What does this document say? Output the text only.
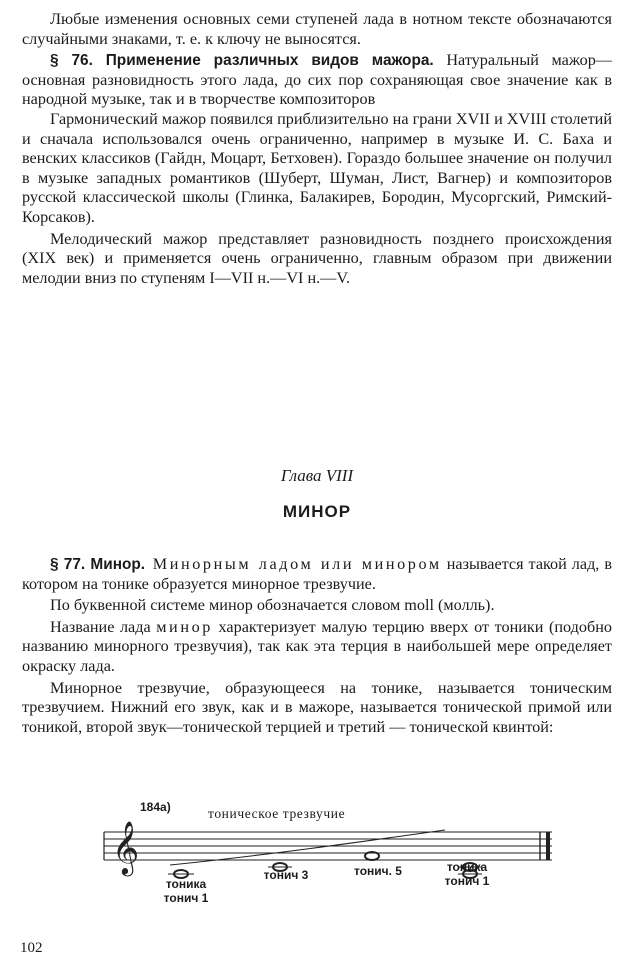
Любые изменения основных семи ступеней лада в нотном тексте обозначаются случайными знаками, т. е. к ключу не выносятся.

§ 76. Применение различных видов мажора. Натуральный мажор—основная разновидность этого лада, до сих пор сохраняющая свое значение как в народной музыке, так и в творчестве композиторов

Гармонический мажор появился приблизительно на грани XVII и XVIII столетий и сначала использовался очень ограниченно, например в музыке И. С. Баха и венских классиков (Гайдн, Моцарт, Бетховен). Гораздо большее значение он получил в музыке западных романтиков (Шуберт, Шуман, Лист, Вагнер) и композиторов русской классической школы (Глинка, Балакирев, Бородин, Мусоргский, Римский-Корсаков).

Мелодический мажор представляет разновидность позднего происхождения (XIX век) и применяется очень ограниченно, главным образом при движении мелодии вниз по ступеням I—VII н.—VI н.—V.

Глава VIII
МИНОР

§ 77. Минор. Минорным ладом или минором называется такой лад, в котором на тонике образуется минорное трезвучие.

По буквенной системе минор обозначается словом moll (молль).

Название лада минор характеризует малую терцию вверх от тоники (подобно названию минорного трезвучия), так как эта терция в наибольшей мере определяет окраску лада.

Минорное трезвучие, образующееся на тонике, называется тоническим трезвучием. Нижний его звук, как и в мажоре, называется тонической примой или тоникой, второй звук—тонической терцией и третий — тонической квинтой:

184а)	тоническое трезвучие
𝄞
тоника
тонич 1
тонич 3	тонич. 5	тоника
тонич 1
102
